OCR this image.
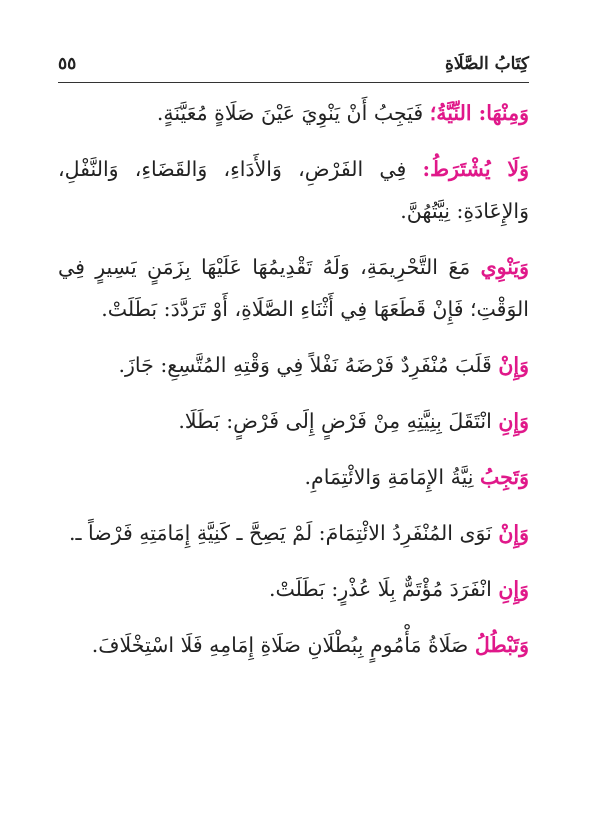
كِتَابُ الصَّلَاةِ
٥٥

وَمِنْهَا: النِّيَّةُ؛ فَيَجِبُ أَنْ يَنْوِيَ عَيْنَ صَلَاةٍ مُعَيَّنَةٍ.

وَلَا يُشْتَرَطُ: فِي الفَرْضِ، وَالأَدَاءِ، وَالقَضَاءِ، وَالنَّفْلِ، وَالإِعَادَةِ: نِيَّتُهُنَّ.

وَيَنْوِي مَعَ التَّحْرِيمَةِ، وَلَهُ تَقْدِيمُهَا عَلَيْهَا بِزَمَنٍ يَسِيرٍ فِي الوَقْتِ؛ فَإِنْ قَطَعَهَا فِي أَثْنَاءِ الصَّلَاةِ، أَوْ تَرَدَّدَ: بَطَلَتْ.

وَإِنْ قَلَبَ مُنْفَرِدٌ فَرْضَهُ نَفْلاً فِي وَقْتِهِ المُتَّسِعِ: جَازَ.

وَإِنِ انْتَقَلَ بِنِيَّتِهِ مِنْ فَرْضٍ إِلَى فَرْضٍ: بَطَلَا.

وَتَجِبُ نِيَّةُ الإِمَامَةِ وَالائْتِمَامِ.

وَإِنْ نَوَى المُنْفَرِدُ الائْتِمَامَ: لَمْ يَصِحَّ ـ كَنِيَّةِ إِمَامَتِهِ فَرْضاً ـ.

وَإِنِ انْفَرَدَ مُؤْتَمٌّ بِلَا عُذْرٍ: بَطَلَتْ.

وَتَبْطُلُ صَلَاةُ مَأْمُومٍ بِبُطْلَانِ صَلَاةِ إِمَامِهِ فَلَا اسْتِخْلَافَ.
